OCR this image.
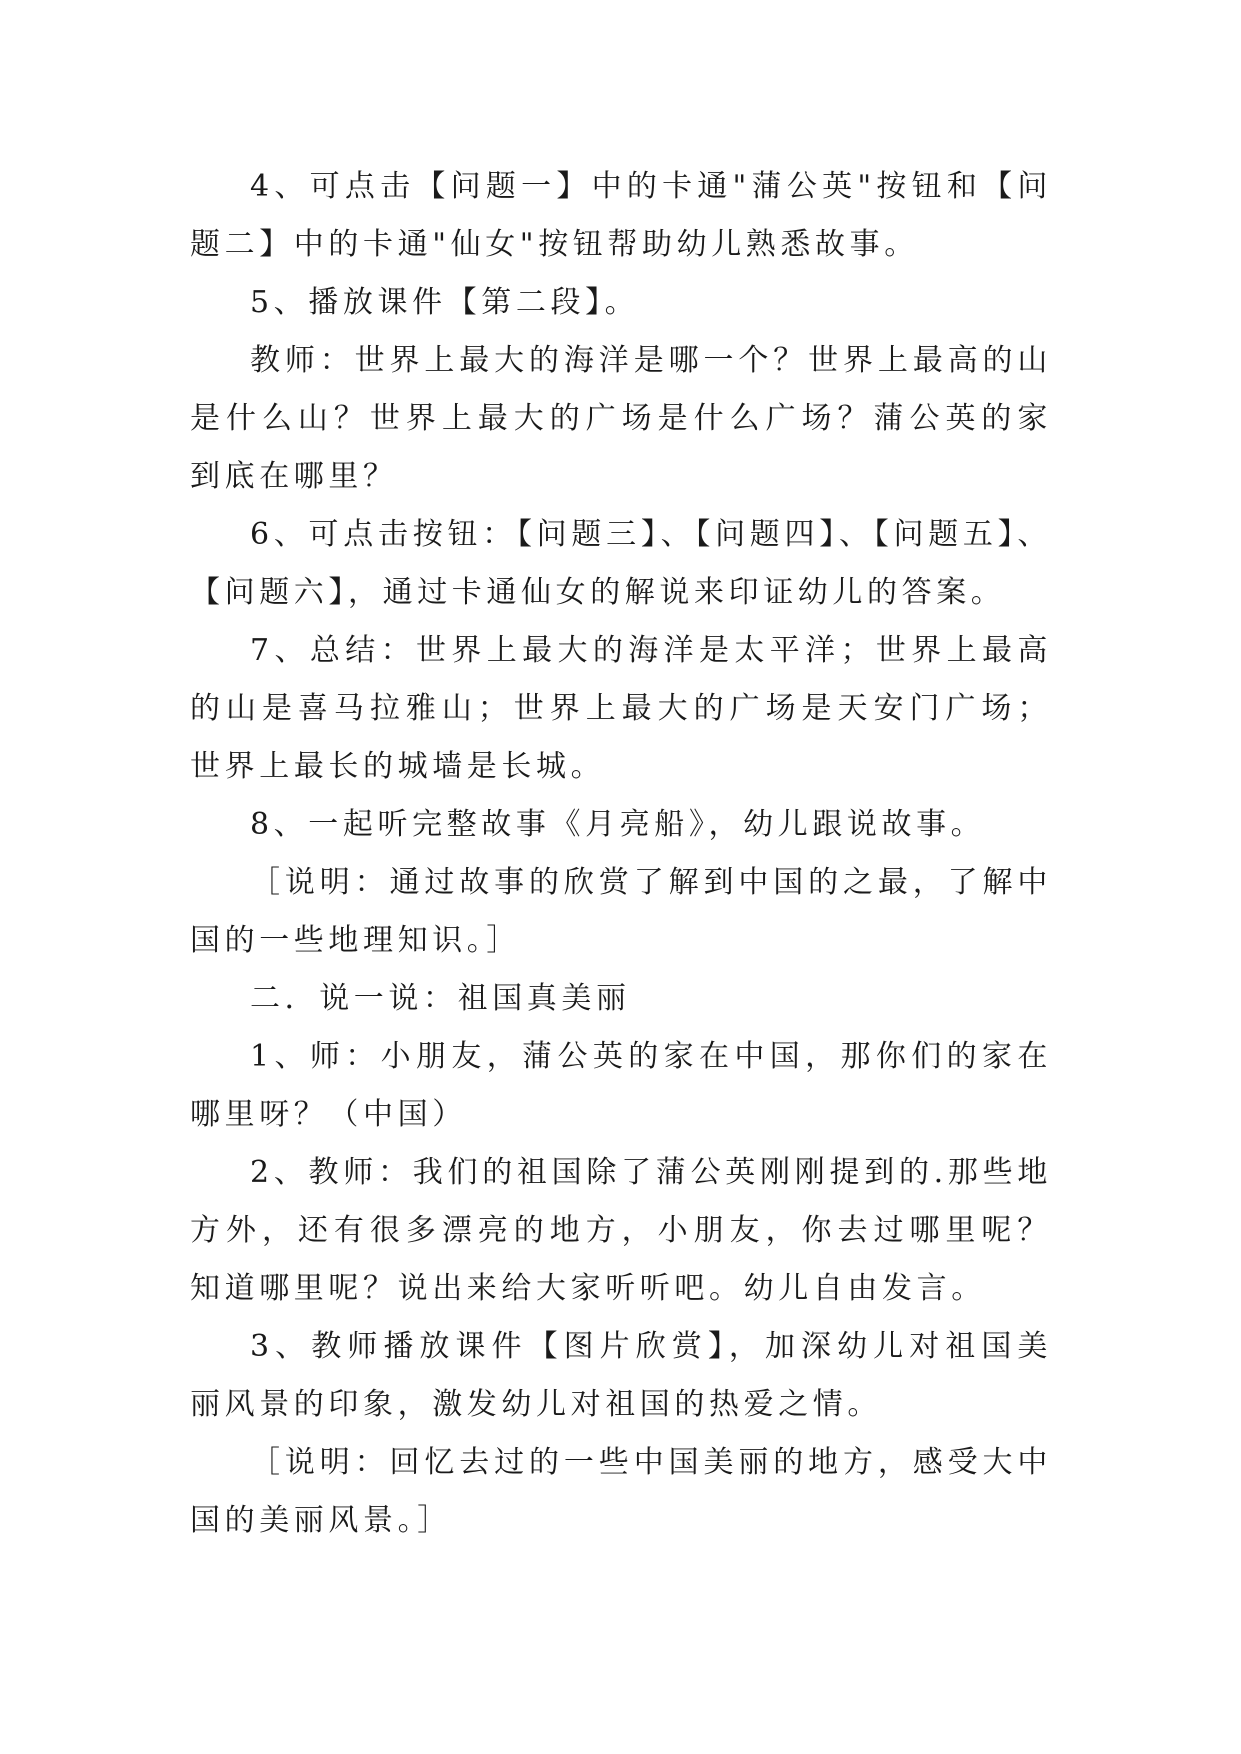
4、可点击【问题一】中的卡通"蒲公英"按钮和【问题二】中的卡通"仙女"按钮帮助幼儿熟悉故事。

5、播放课件【第二段】。

教师：世界上最大的海洋是哪一个？世界上最高的山是什么山？世界上最大的广场是什么广场？蒲公英的家到底在哪里？

6、可点击按钮：【问题三】、【问题四】、【问题五】、【问题六】，通过卡通仙女的解说来印证幼儿的答案。

7、总结：世界上最大的海洋是太平洋；世界上最高的山是喜马拉雅山；世界上最大的广场是天安门广场；世界上最长的城墙是长城。

8、一起听完整故事《月亮船》，幼儿跟说故事。

［说明：通过故事的欣赏了解到中国的之最，了解中国的一些地理知识。］

二．说一说：祖国真美丽

1、师：小朋友，蒲公英的家在中国，那你们的家在哪里呀？（中国）

2、教师：我们的祖国除了蒲公英刚刚提到的.那些地方外，还有很多漂亮的地方，小朋友，你去过哪里呢？ 知道哪里呢？说出来给大家听听吧。幼儿自由发言。

3、教师播放课件【图片欣赏】，加深幼儿对祖国美丽风景的印象，激发幼儿对祖国的热爱之情。

［说明：回忆去过的一些中国美丽的地方，感受大中国的美丽风景。］
